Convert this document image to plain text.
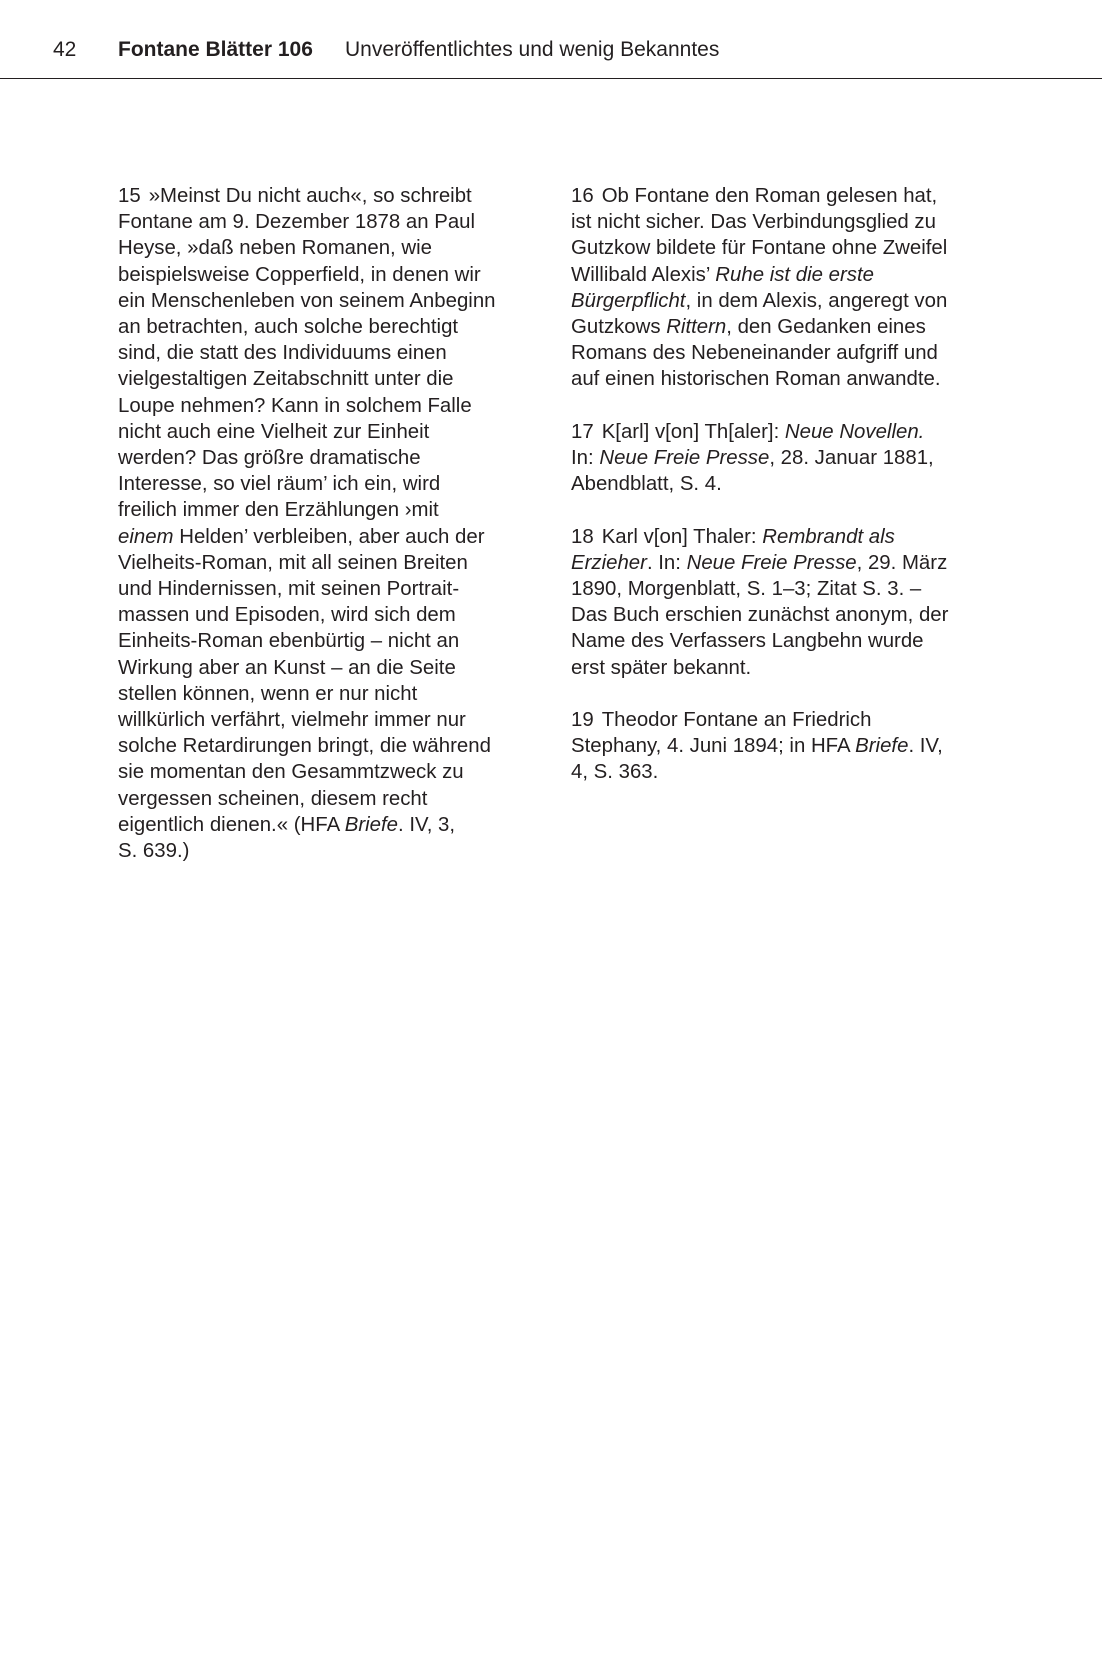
42 Fontane Blätter 106 Unveröffentlichtes und wenig Bekanntes
15 »Meinst Du nicht auch«, so schreibt
Fontane am 9. Dezember 1878 an Paul
Heyse, »daß neben Romanen, wie
beispielsweise Copperfield, in denen wir
ein Menschenleben von seinem Anbeginn
an betrachten, auch solche berechtigt
sind, die statt des Individuums einen
vielgestaltigen Zeitabschnitt unter die
Loupe nehmen? Kann in solchem Falle
nicht auch eine Vielheit zur Einheit
werden? Das größre dramatische
Interesse, so viel räum’ ich ein, wird
freilich immer den Erzählungen ›mit
einem Helden’ verbleiben, aber auch der
Vielheits-Roman, mit all seinen Breiten
und Hindernissen, mit seinen Portrait-
massen und Episoden, wird sich dem
Einheits-Roman ebenbürtig – nicht an
Wirkung aber an Kunst – an die Seite
stellen können, wenn er nur nicht
willkürlich verfährt, vielmehr immer nur
solche Retardirungen bringt, die während
sie momentan den Gesammtzweck zu
vergessen scheinen, diesem recht
eigentlich dienen.« (HFA Briefe. IV, 3,
S. 639.)
16 Ob Fontane den Roman gelesen hat,
ist nicht sicher. Das Verbindungsglied zu
Gutzkow bildete für Fontane ohne Zweifel
Willibald Alexis’ Ruhe ist die erste
Bürgerpflicht, in dem Alexis, angeregt von
Gutzkows Rittern, den Gedanken eines
Romans des Nebeneinander aufgriff und
auf einen historischen Roman anwandte.
17 K[arl] v[on] Th[aler]: Neue Novellen.
In: Neue Freie Presse, 28. Januar 1881,
Abendblatt, S. 4.
18 Karl v[on] Thaler: Rembrandt als
Erzieher. In: Neue Freie Presse, 29. März
1890, Morgenblatt, S. 1–3; Zitat S. 3. –
Das Buch erschien zunächst anonym, der
Name des Verfassers Langbehn wurde
erst später bekannt.
19 Theodor Fontane an Friedrich
Stephany, 4. Juni 1894; in HFA Briefe. IV,
4, S. 363.
